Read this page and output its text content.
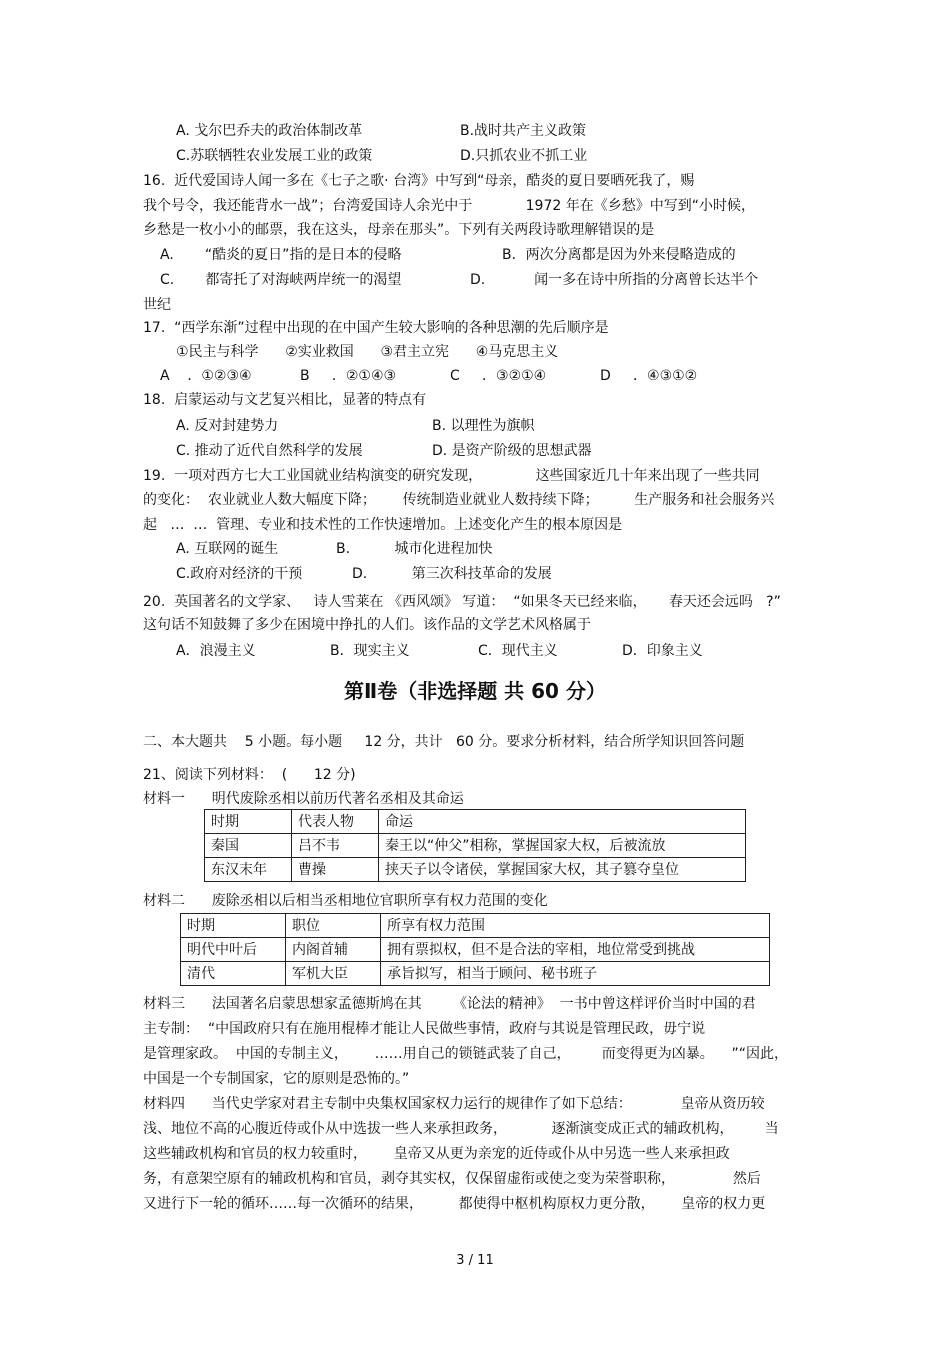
A. 戈尔巴乔夫的政治体制改革	B.战时共产主义政策
C.苏联牺牲农业发展工业的政策	D.只抓农业不抓工业
16.  近代爱国诗人闻一多在《七子之歌· 台湾》中写到“母亲，酷炎的夏日要晒死我了，赐
我个号令，我还能背水一战”；台湾爱国诗人余光中于            1972 年在《乡愁》中写到“小时候，
乡愁是一枚小小的邮票，我在这头，母亲在那头”。下列有关两段诗歌理解错误的是
A.       “酷炎的夏日”指的是日本的侵略	B．两次分离都是因为外来侵略造成的
C.       都寄托了对海峡两岸统一的渴望	D.           闻一多在诗中所指的分离曾长达半个
世纪
17.  “西学东渐”过程中出现的在中国产生较大影响的各种思潮的先后顺序是
①民主与科学      ②实业救国      ③君主立宪      ④马克思主义
A    ．①②③④	B     ．②①④③	C     ．③②①④	D     ．④③①②
18.  启蒙运动与文艺复兴相比，显著的特点有
A. 反对封建势力	B. 以理性为旗帜
C. 推动了近代自然科学的发展	D. 是资产阶级的思想武器
19.  一项对西方七大工业国就业结构演变的研究发现，            这些国家近几十年来出现了一些共同
的变化：  农业就业人数大幅度下降；      传统制造业就业人数持续下降；        生产服务和社会服务兴
起   …  …  管理、专业和技术性的工作快速增加。上述变化产生的根本原因是
A. 互联网的诞生	B.          城市化进程加快
C.政府对经济的干预	D.          第三次科技革命的发展
20.  英国著名的文学家、   诗人雪莱在 《西风颂》 写道：  “如果冬天已经来临，     春天还会远吗   ?”
这句话不知鼓舞了多少在困境中挣扎的人们。该作品的文学艺术风格属于
A．浪漫主义	B．现实主义	C．现代主义	D．印象主义
第Ⅱ卷（非选择题 共 60 分）
二、本大题共    5 小题。每小题     12 分，共计   60 分。要求分析材料，结合所学知识回答问题
21、阅读下列材料：  (      12 分)
材料一      明代废除丞相以前历代著名丞相及其命运
时期	代表人物	命运
秦国	吕不韦	秦王以“仲父”相称，掌握国家大权，后被流放
东汉末年	曹操	挟天子以令诸侯，掌握国家大权，其子篡夺皇位
材料二      废除丞相以后相当丞相地位官职所享有权力范围的变化
时期	职位	所享有权力范围
明代中叶后	内阁首辅	拥有票拟权，但不是合法的宰相，地位常受到挑战
清代	军机大臣	承旨拟写，相当于顾问、秘书班子
材料三      法国著名启蒙思想家孟德斯鸠在其       《论法的精神》  一书中曾这样评价当时中国的君
主专制：  “中国政府只有在施用棍棒才能让人民做些事情，政府与其说是管理民政，毋宁说
是管理家政。  中国的专制主义，      ……用自己的锁链武装了自己，       而变得更为凶暴。    ”“因此，
中国是一个专制国家，它的原则是恐怖的。”
材料四      当代史学家对君主专制中央集权国家权力运行的规律作了如下总结：           皇帝从资历较
浅、地位不高的心腹近侍或仆从中选拔一些人来承担政务，          逐渐演变成正式的辅政机构，       当
这些辅政机构和官员的权力较重时，      皇帝又从更为亲宠的近侍或仆从中另选一些人来承担政
务，有意架空原有的辅政机构和官员，剥夺其实权，仅保留虚衔或使之变为荣誉职称，             然后
又进行下一轮的循环……每一次循环的结果，        都使得中枢机构原权力更分散，      皇帝的权力更
3 / 11
